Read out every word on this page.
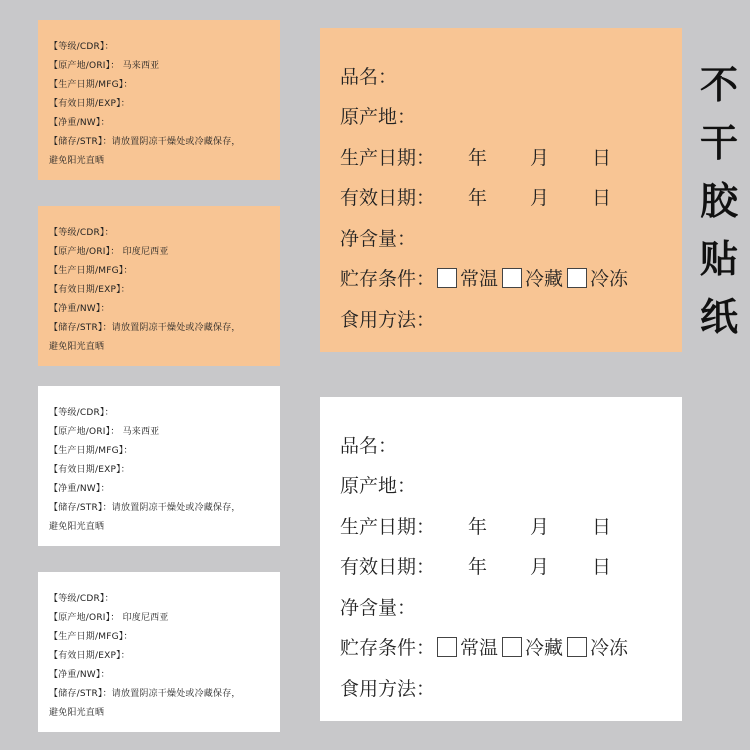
【等级/CDR】：
【原产地/ORI】： 马来西亚
【生产日期/MFG】：
【有效日期/EXP】：
【净重/NW】：
【储存/STR】：请放置阴凉干燥处或冷藏保存，
避免阳光直晒
【等级/CDR】：
【原产地/ORI】： 印度尼西亚
【生产日期/MFG】：
【有效日期/EXP】：
【净重/NW】：
【储存/STR】：请放置阴凉干燥处或冷藏保存，
避免阳光直晒
【等级/CDR】：
【原产地/ORI】： 马来西亚
【生产日期/MFG】：
【有效日期/EXP】：
【净重/NW】：
【储存/STR】：请放置阴凉干燥处或冷藏保存，
避免阳光直晒
【等级/CDR】：
【原产地/ORI】： 印度尼西亚
【生产日期/MFG】：
【有效日期/EXP】：
【净重/NW】：
【储存/STR】：请放置阴凉干燥处或冷藏保存，
避免阳光直晒
品名：
原产地：
生产日期：	年	月	日
有效日期：	年	月	日
净含量：
贮存条件： 常温 冷藏 冷冻
食用方法：
品名：
原产地：
生产日期：	年	月	日
有效日期：	年	月	日
净含量：
贮存条件： 常温 冷藏 冷冻
食用方法：
不
干
胶
贴
纸
